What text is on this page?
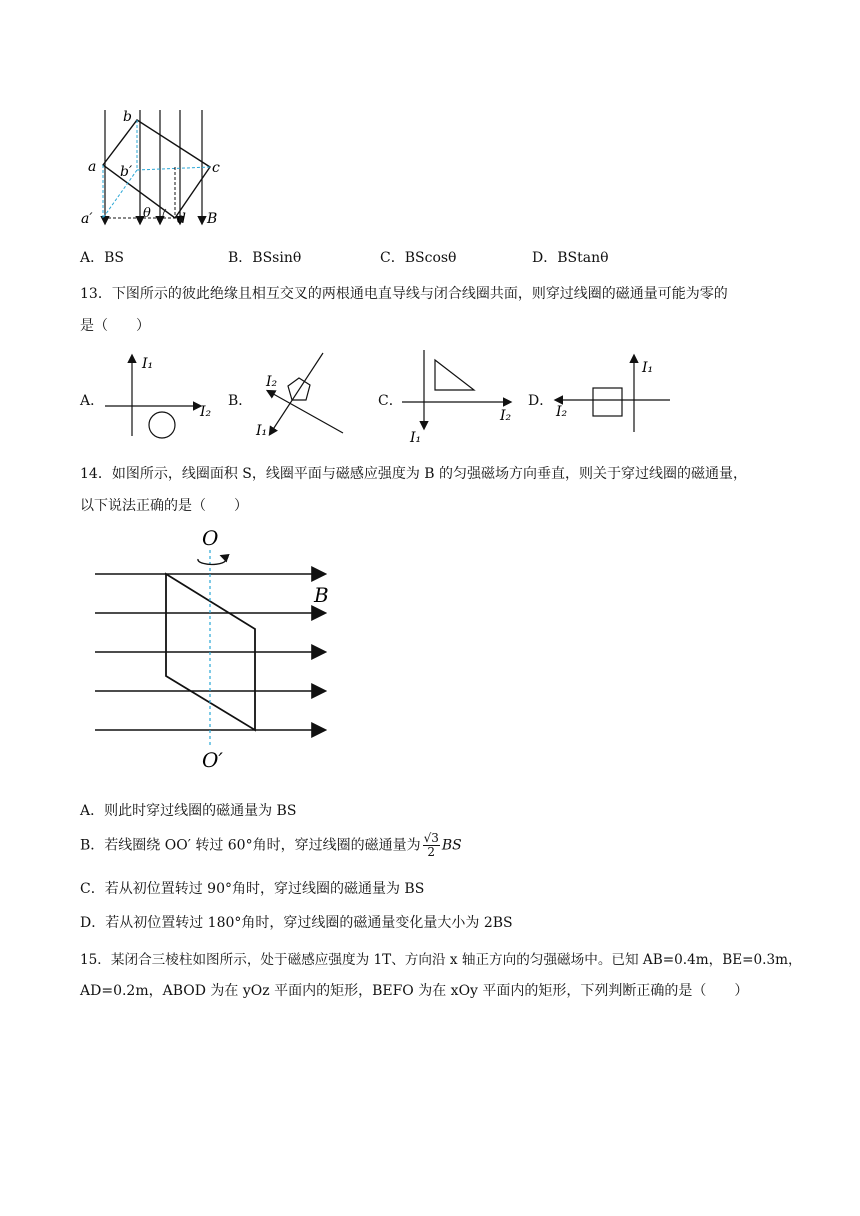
b
a b′	c
a′	θ d B
A．BS	B．BSsinθ	C．BScosθ	D．BStanθ
13．下图所示的彼此绝缘且相互交叉的两根通电直导线与闭合线圈共面，则穿过线圈的磁通量可能为零的
是（　　）
A．
I₁
I₂
B．
I₂
I₁
C．
I₂
I₁
D．
I₁
I₂
14．如图所示，线圈面积 S，线圈平面与磁感应强度为 B 的匀强磁场方向垂直，则关于穿过线圈的磁通量，
以下说法正确的是（　　）
O
B
O′
A．则此时穿过线圈的磁通量为 BS
B．若线圈绕 OO′ 转过 60°角时，穿过线圈的磁通量为 $\frac{√3}{2}$ BS
C．若从初位置转过 90°角时，穿过线圈的磁通量为 BS
D．若从初位置转过 180°角时，穿过线圈的磁通量变化量大小为 2BS
15．某闭合三棱柱如图所示，处于磁感应强度为 1T、方向沿 x 轴正方向的匀强磁场中。已知 AB=0.4m，BE=0.3m，
AD=0.2m，ABOD 为在 yOz 平面内的矩形，BEFO 为在 xOy 平面内的矩形，下列判断正确的是（　　）
